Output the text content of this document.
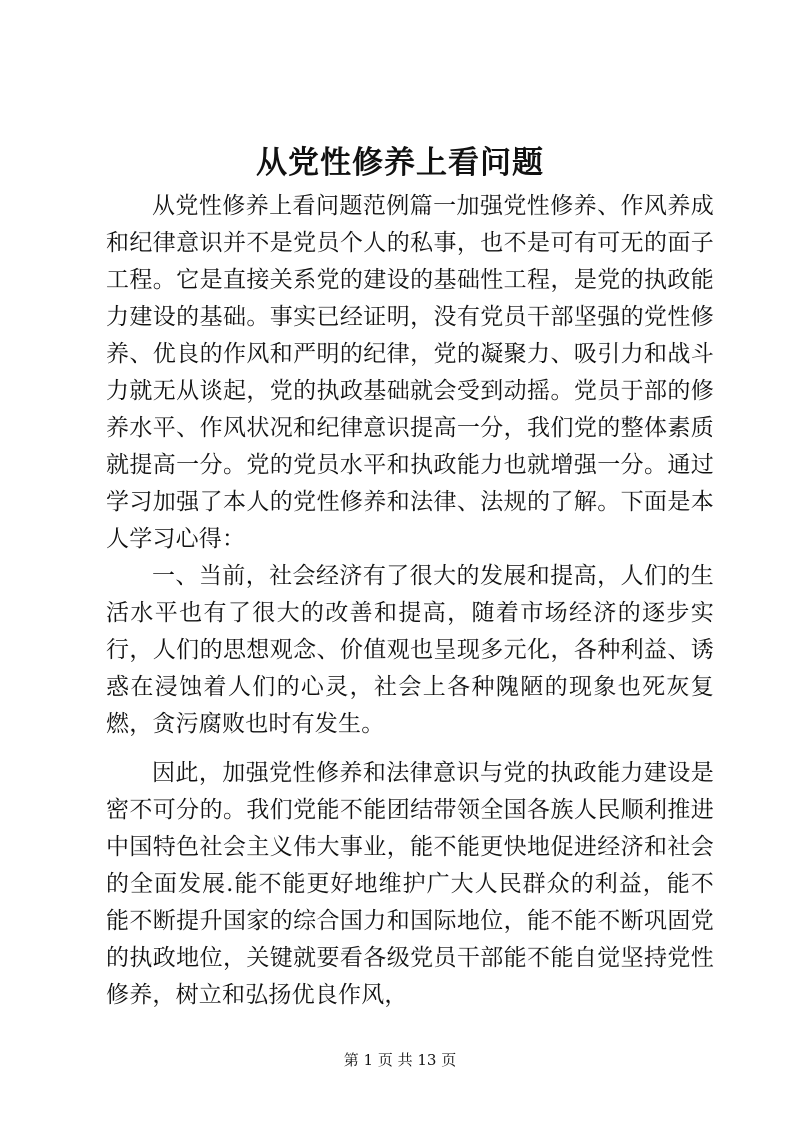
从党性修养上看问题

从党性修养上看问题范例篇一加强党性修养、作风养成和纪律意识并不是党员个人的私事，也不是可有可无的面子工程。它是直接关系党的建设的基础性工程，是党的执政能力建设的基础。事实已经证明，没有党员干部坚强的党性修养、优良的作风和严明的纪律，党的凝聚力、吸引力和战斗力就无从谈起，党的执政基础就会受到动摇。党员于部的修养水平、作风状况和纪律意识提高一分，我们党的整体素质就提高一分。党的党员水平和执政能力也就增强一分。通过学习加强了本人的党性修养和法律、法规的了解。下面是本人学习心得：

一、当前，社会经济有了很大的发展和提高，人们的生活水平也有了很大的改善和提高，随着市场经济的逐步实行，人们的思想观念、价值观也呈现多元化，各种利益、诱惑在浸蚀着人们的心灵，社会上各种隗陋的现象也死灰复燃，贪污腐败也时有发生。

因此，加强党性修养和法律意识与党的执政能力建设是密不可分的。我们党能不能团结带领全国各族人民顺利推进中国特色社会主义伟大事业，能不能更快地促进经济和社会的全面发展.能不能更好地维护广大人民群众的利益，能不能不断提升国家的综合国力和国际地位，能不能不断巩固党的执政地位，关键就要看各级党员干部能不能自觉坚持党性修养，树立和弘扬优良作风，

第 1 页 共 13 页
